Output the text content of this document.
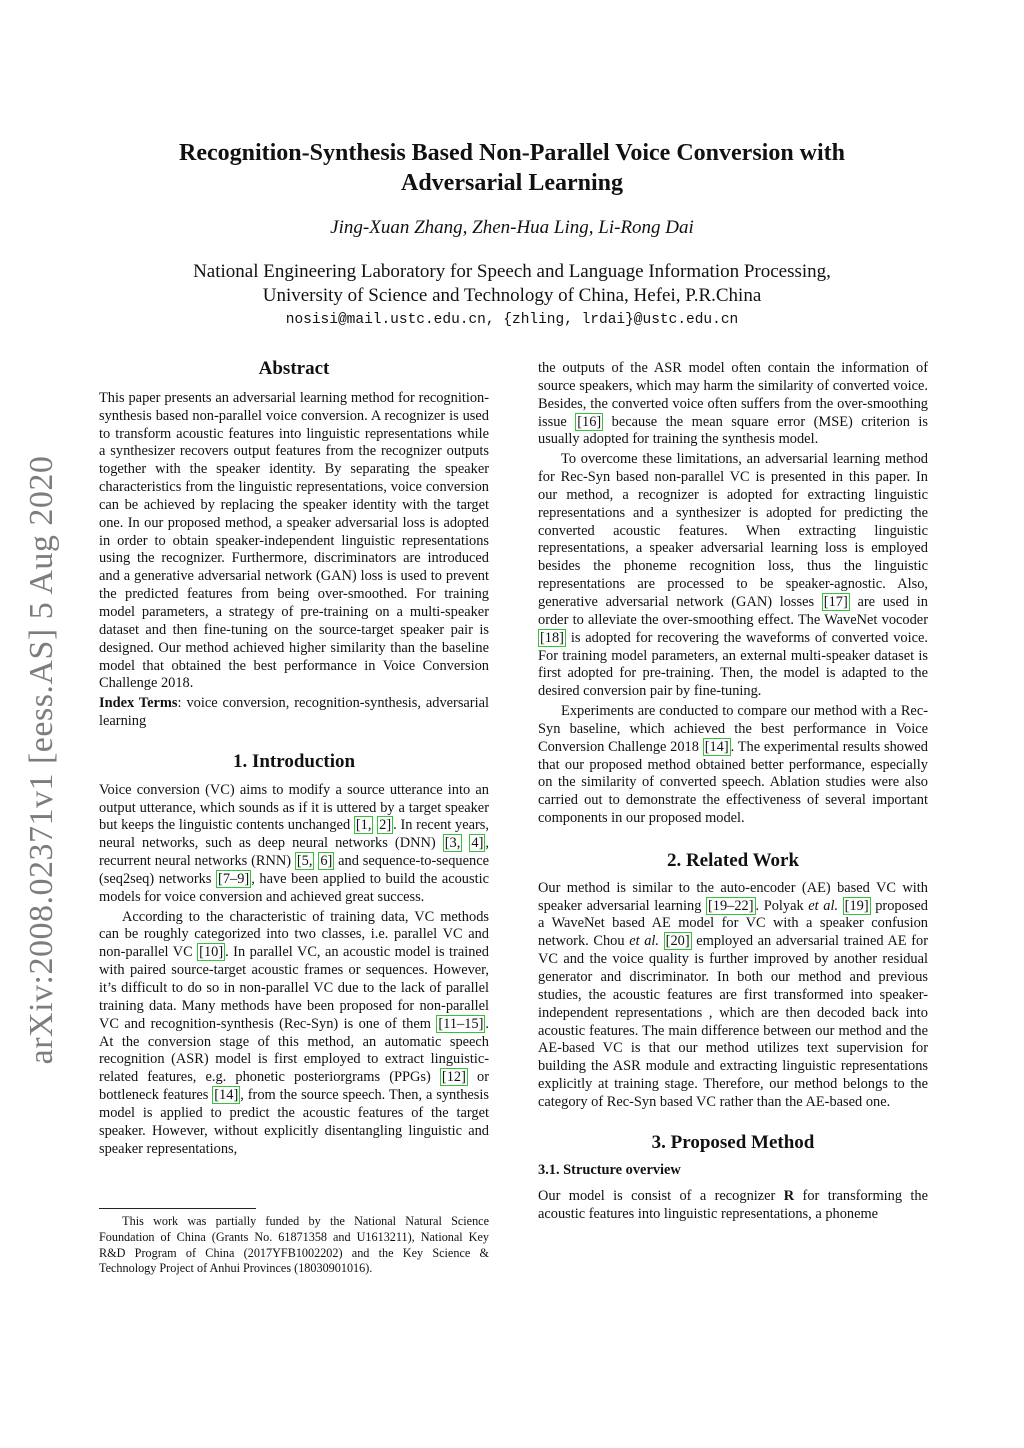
arXiv:2008.02371v1 [eess.AS] 5 Aug 2020
Recognition-Synthesis Based Non-Parallel Voice Conversion with
Adversarial Learning
Jing-Xuan Zhang, Zhen-Hua Ling, Li-Rong Dai
National Engineering Laboratory for Speech and Language Information Processing,
University of Science and Technology of China, Hefei, P.R.China
nosisi@mail.ustc.edu.cn, {zhling, lrdai}@ustc.edu.cn
Abstract

This paper presents an adversarial learning method for recognition-synthesis based non-parallel voice conversion. A recognizer is used to transform acoustic features into linguistic representations while a synthesizer recovers output features from the recognizer outputs together with the speaker identity. By separating the speaker characteristics from the linguistic representations, voice conversion can be achieved by replacing the speaker identity with the target one. In our proposed method, a speaker adversarial loss is adopted in order to obtain speaker-independent linguistic representations using the recognizer. Furthermore, discriminators are introduced and a generative adversarial network (GAN) loss is used to prevent the predicted features from being over-smoothed. For training model parameters, a strategy of pre-training on a multi-speaker dataset and then fine-tuning on the source-target speaker pair is designed. Our method achieved higher similarity than the baseline model that obtained the best performance in Voice Conversion Challenge 2018.

Index Terms: voice conversion, recognition-synthesis, adversarial learning

1. Introduction

Voice conversion (VC) aims to modify a source utterance into an output utterance, which sounds as if it is uttered by a target speaker but keeps the linguistic contents unchanged [1, 2] . In recent years, neural networks, such as deep neural networks (DNN) [3, 4] , recurrent neural networks (RNN) [5, 6] and sequence-to-sequence (seq2seq) networks [7–9] , have been applied to build the acoustic models for voice conversion and achieved great success.

According to the characteristic of training data, VC methods can be roughly categorized into two classes, i.e. parallel VC and non-parallel VC [10] . In parallel VC, an acoustic model is trained with paired source-target acoustic frames or sequences. However, it’s difficult to do so in non-parallel VC due to the lack of parallel training data. Many methods have been proposed for non-parallel VC and recognition-synthesis (Rec-Syn) is one of them [11–15] . At the conversion stage of this method, an automatic speech recognition (ASR) model is first employed to extract linguistic-related features, e.g. phonetic posteriorgrams (PPGs) [12] or bottleneck features [14] , from the source speech. Then, a synthesis model is applied to predict the acoustic features of the target speaker. However, without explicitly disentangling linguistic and speaker representations,

This work was partially funded by the National Natural Science Foundation of China (Grants No. 61871358 and U1613211), National Key R&D Program of China (2017YFB1002202) and the Key Science & Technology Project of Anhui Provinces (18030901016).

the outputs of the ASR model often contain the information of source speakers, which may harm the similarity of converted voice. Besides, the converted voice often suffers from the over-smoothing issue [16] because the mean square error (MSE) criterion is usually adopted for training the synthesis model.

To overcome these limitations, an adversarial learning method for Rec-Syn based non-parallel VC is presented in this paper. In our method, a recognizer is adopted for extracting linguistic representations and a synthesizer is adopted for predicting the converted acoustic features. When extracting linguistic representations, a speaker adversarial learning loss is employed besides the phoneme recognition loss, thus the linguistic representations are processed to be speaker-agnostic. Also, generative adversarial network (GAN) losses [17] are used in order to alleviate the over-smoothing effect. The WaveNet vocoder [18] is adopted for recovering the waveforms of converted voice. For training model parameters, an external multi-speaker dataset is first adopted for pre-training. Then, the model is adapted to the desired conversion pair by fine-tuning.

Experiments are conducted to compare our method with a Rec-Syn baseline, which achieved the best performance in Voice Conversion Challenge 2018 [14] . The experimental results showed that our proposed method obtained better performance, especially on the similarity of converted speech. Ablation studies were also carried out to demonstrate the effectiveness of several important components in our proposed model.

2. Related Work

Our method is similar to the auto-encoder (AE) based VC with speaker adversarial learning [19–22] . Polyak et al. [19] proposed a WaveNet based AE model for VC with a speaker confusion network. Chou et al. [20] employed an adversarial trained AE for VC and the voice quality is further improved by another residual generator and discriminator. In both our method and previous studies, the acoustic features are first transformed into speaker-independent representations , which are then decoded back into acoustic features. The main difference between our method and the AE-based VC is that our method utilizes text supervision for building the ASR module and extracting linguistic representations explicitly at training stage. Therefore, our method belongs to the category of Rec-Syn based VC rather than the AE-based one.

3. Proposed Method
3.1. Structure overview

Our model is consist of a recognizer R for transforming the acoustic features into linguistic representations, a phoneme
